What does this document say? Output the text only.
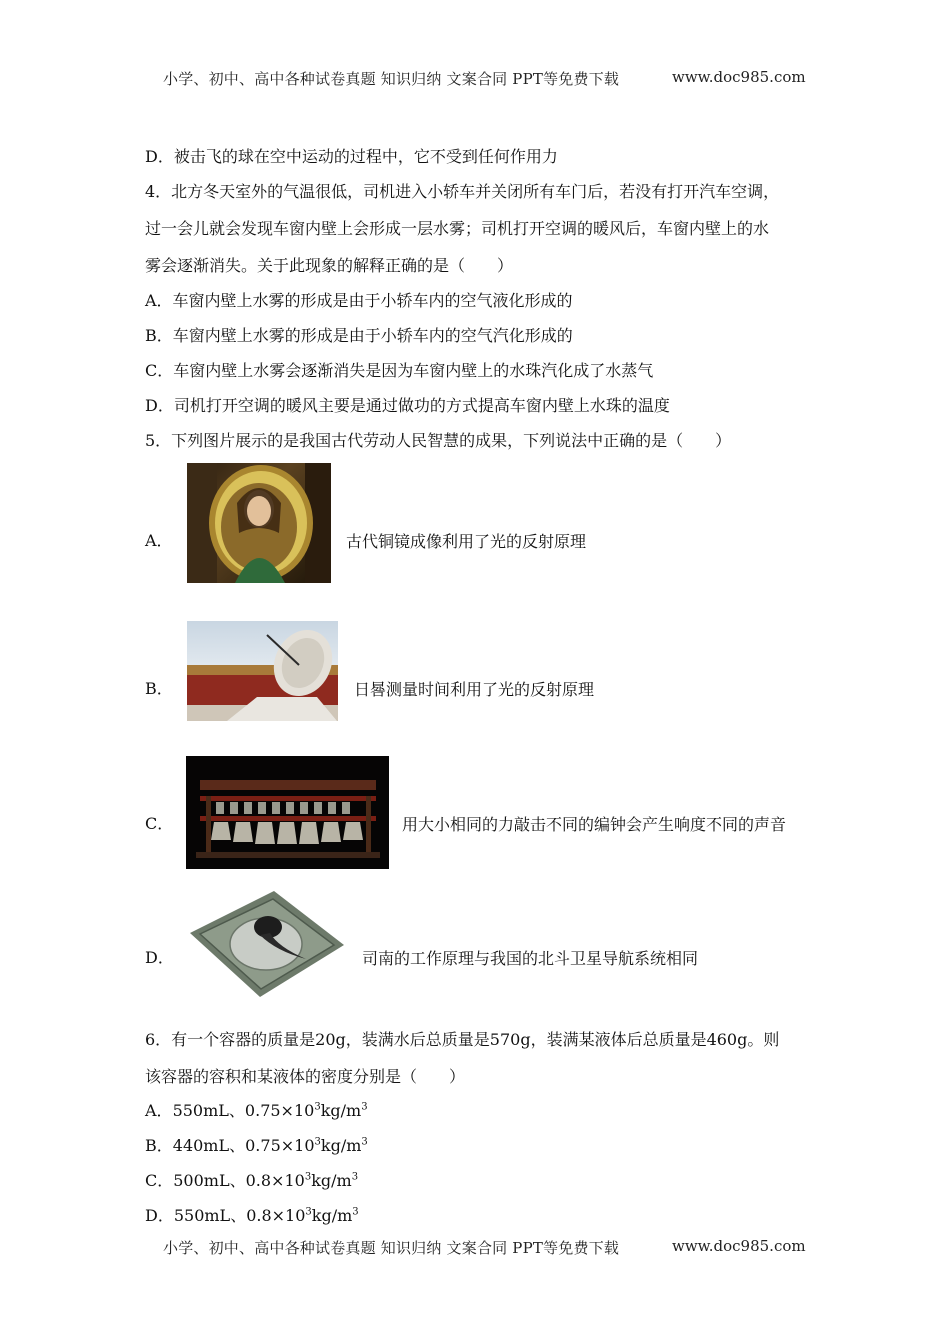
小学、初中、高中各种试卷真题 知识归纳 文案合同 PPT等免费下载	www.doc985.com
D．被击飞的球在空中运动的过程中，它不受到任何作用力
4．北方冬天室外的气温很低，司机进入小轿车并关闭所有车门后，若没有打开汽车空调，
过一会儿就会发现车窗内壁上会形成一层水雾；司机打开空调的暖风后，车窗内壁上的水
雾会逐渐消失。关于此现象的解释正确的是（　　）
A．车窗内壁上水雾的形成是由于小轿车内的空气液化形成的
B．车窗内壁上水雾的形成是由于小轿车内的空气汽化形成的
C．车窗内壁上水雾会逐渐消失是因为车窗内壁上的水珠汽化成了水蒸气
D．司机打开空调的暖风主要是通过做功的方式提高车窗内壁上水珠的温度
5．下列图片展示的是我国古代劳动人民智慧的成果，下列说法中正确的是（　　）
A．	古代铜镜成像利用了光的反射原理
B．	日晷测量时间利用了光的反射原理
C．	用大小相同的力敲击不同的编钟会产生响度不同的声音
D．	司南的工作原理与我国的北斗卫星导航系统相同
6．有一个容器的质量是20g，装满水后总质量是570g，装满某液体后总质量是460g。则
该容器的容积和某液体的密度分别是（　　）
A．550mL、$0.75\times 10^3kg/m^3$
B．440mL、$0.75\times 10^3kg/m^3$
C．500mL、$0.8\times 10^3kg/m^3$
D．550mL、$0.8\times 10^3kg/m^3$
小学、初中、高中各种试卷真题 知识归纳 文案合同 PPT等免费下载	www.doc985.com
